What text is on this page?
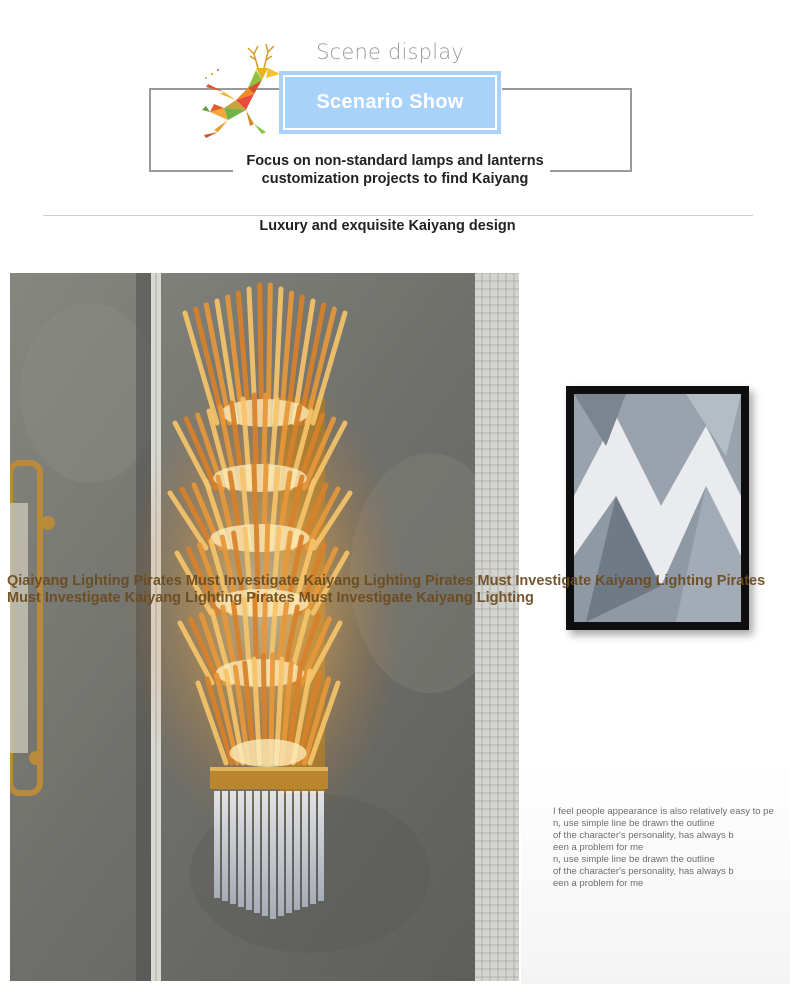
Scene display
Scenario Show
Focus on non-standard lamps and lanterns
customization projects to find Kaiyang
Luxury and exquisite Kaiyang design
I feel people appearance is also relatively easy to pe
n, use simple line be drawn the outline
of the character's personality, has always b
een a problem for me
n, use simple line be drawn the outline
of the character's personality, has always b
een a problem for me
Qiaiyang Lighting Pirates Must Investigate Kaiyang Lighting Pirates Must Investigate Kaiyang Lighting Pirates
Must Investigate Kaiyang Lighting Pirates Must Investigate Kaiyang Lighting
